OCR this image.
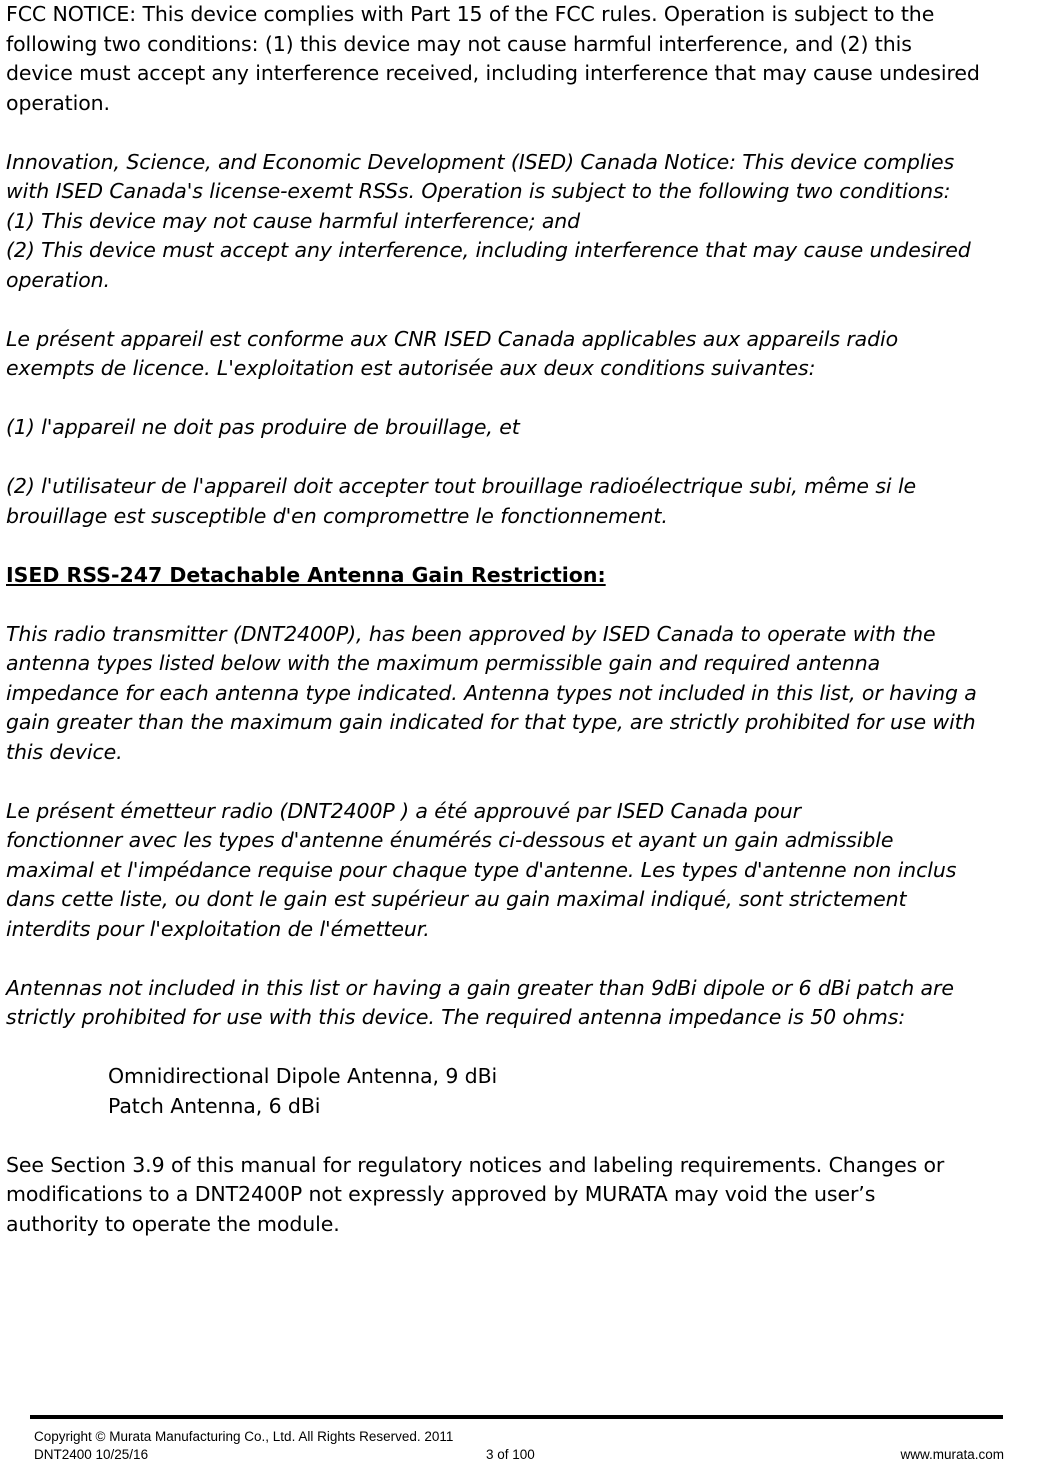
FCC NOTICE: This device complies with Part 15 of the FCC rules. Operation is subject to the
following two conditions: (1) this device may not cause harmful interference, and (2) this
device must accept any interference received, including interference that may cause undesired
operation.
Innovation, Science, and Economic Development (ISED) Canada Notice: This device complies
with ISED Canada's license-exemt RSSs. Operation is subject to the following two conditions:
(1) This device may not cause harmful interference; and
(2) This device must accept any interference, including interference that may cause undesired
operation.
Le présent appareil est conforme aux CNR ISED Canada applicables aux appareils radio
exempts de licence. L'exploitation est autorisée aux deux conditions suivantes:
(1) l'appareil ne doit pas produire de brouillage, et
(2) l'utilisateur de l'appareil doit accepter tout brouillage radioélectrique subi, même si le
brouillage est susceptible d'en compromettre le fonctionnement.
ISED RSS-247 Detachable Antenna Gain Restriction:
This radio transmitter (DNT2400P), has been approved by ISED Canada to operate with the
antenna types listed below with the maximum permissible gain and required antenna
impedance for each antenna type indicated. Antenna types not included in this list, or having a
gain greater than the maximum gain indicated for that type, are strictly prohibited for use with
this device.
Le présent émetteur radio (DNT2400P ) a été approuvé par ISED Canada pour
fonctionner avec les types d'antenne énumérés ci-dessous et ayant un gain admissible
maximal et l'impédance requise pour chaque type d'antenne. Les types d'antenne non inclus
dans cette liste, ou dont le gain est supérieur au gain maximal indiqué, sont strictement
interdits pour l'exploitation de l'émetteur.
Antennas not included in this list or having a gain greater than 9dBi dipole or 6 dBi patch are
strictly prohibited for use with this device. The required antenna impedance is 50 ohms:
Omnidirectional Dipole Antenna, 9 dBi
Patch Antenna, 6 dBi
See Section 3.9 of this manual for regulatory notices and labeling requirements. Changes or
modifications to a DNT2400P not expressly approved by MURATA may void the user’s
authority to operate the module.
Copyright © Murata Manufacturing Co., Ltd. All Rights Reserved. 2011
DNT2400 10/25/16	3 of 100	www.murata.com
